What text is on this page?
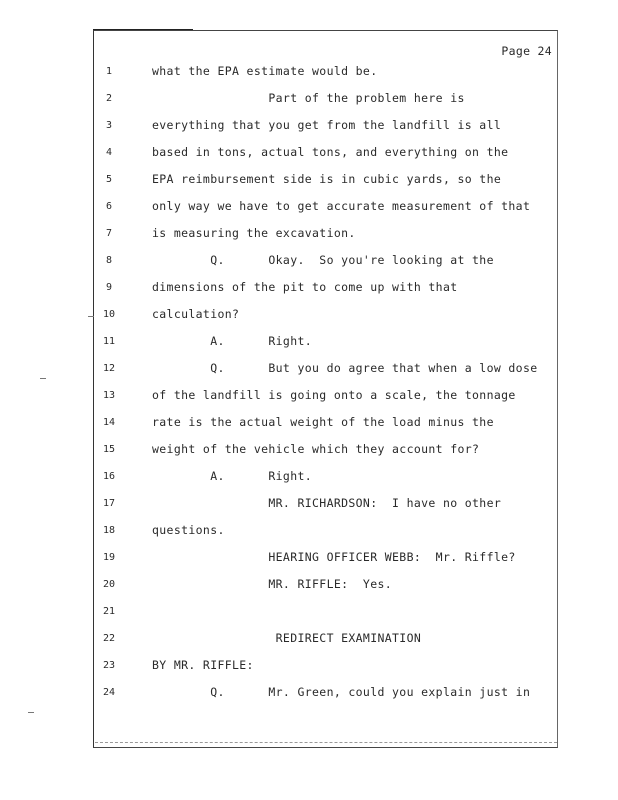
Page 24
1	what the EPA estimate would be.
2	Part of the problem here is
3	everything that you get from the landfill is all
4	based in tons, actual tons, and everything on the
5	EPA reimbursement side is in cubic yards, so the
6	only way we have to get accurate measurement of that
7	is measuring the excavation.
8	Q.      Okay.  So you're looking at the
9	dimensions of the pit to come up with that
10	calculation?
11	A.      Right.
12	Q.      But you do agree that when a low dose
13	of the landfill is going onto a scale, the tonnage
14	rate is the actual weight of the load minus the
15	weight of the vehicle which they account for?
16	A.      Right.
17	MR. RICHARDSON:  I have no other
18	questions.
19	HEARING OFFICER WEBB:  Mr. Riffle?
20	MR. RIFFLE:  Yes.
21
22	REDIRECT EXAMINATION
23	BY MR. RIFFLE:
24	Q.      Mr. Green, could you explain just in
